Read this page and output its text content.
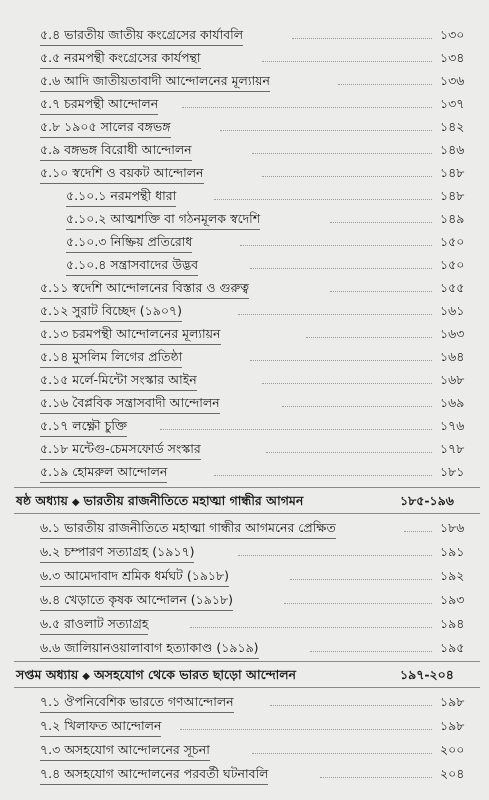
৫.৪ ভারতীয় জাতীয় কংগ্রেসের কার্যাবলি	১৩০
৫.৫ নরমপন্থী কংগ্রেসের কার্যপন্থা	১৩৪
৫.৬ আদি জাতীয়তাবাদী আন্দোলনের মূল্যায়ন	১৩৬
৫.৭ চরমপন্থী আন্দোলন	১৩৭
৫.৮ ১৯০৫ সালের বঙ্গভঙ্গ	১৪২
৫.৯ বঙ্গভঙ্গ বিরোধী আন্দোলন	১৪৬
৫.১০ স্বদেশি ও বয়কট আন্দোলন	১৪৮
৫.১০.১ নরমপন্থী ধারা	১৪৮
৫.১০.২ আত্মশক্তি বা গঠনমূলক স্বদেশি	১৪৯
৫.১০.৩ নিষ্ক্রিয় প্রতিরোধ	১৫০
৫.১০.৪ সন্ত্রাসবাদের উদ্ভব	১৫০
৫.১১ স্বদেশি আন্দোলনের বিস্তার ও গুরুত্ব	১৫৫
৫.১২ সুরাট বিচ্ছেদ (১৯০৭)	১৬১
৫.১৩ চরমপন্থী আন্দোলনের মূল্যায়ন	১৬৩
৫.১৪ মুসলিম লিগের প্রতিষ্ঠা	১৬৪
৫.১৫ মর্লে-মিন্টো সংস্কার আইন	১৬৮
৫.১৬ বৈপ্লবিক সন্ত্রাসবাদী আন্দোলন	১৬৯
৫.১৭ লক্ষ্ণৌ চুক্তি	১৭৬
৫.১৮ মন্টেগু-চেমসফোর্ড সংস্কার	১৭৮
৫.১৯ হোমরুল আন্দোলন	১৮১
ষষ্ঠ অধ্যায় ◆ ভারতীয় রাজনীতিতে মহাত্মা গান্ধীর আগমন	১৮৫-১৯৬
৬.১ ভারতীয় রাজনীতিতে মহাত্মা গান্ধীর আগমনের প্রেক্ষিত	১৮৬
৬.২ চম্পারণ সত্যাগ্রহ (১৯১৭)	১৯১
৬.৩ আমেদাবাদ শ্রমিক ধর্মঘট (১৯১৮)	১৯২
৬.৪ খেড়াতে কৃষক আন্দোলন (১৯১৮)	১৯৩
৬.৫ রাওলাট সত্যাগ্রহ	১৯৪
৬.৬ জালিয়ানওয়ালাবাগ হত্যাকাণ্ড (১৯১৯)	১৯৫
সপ্তম অধ্যায় ◆ অসহযোগ থেকে ভারত ছাড়ো আন্দোলন	১৯৭-২০৪
৭.১ ঔপনিবেশিক ভারতে গণআন্দোলন	১৯৮
৭.২ খিলাফত আন্দোলন	১৯৮
৭.৩ অসহযোগ আন্দোলনের সূচনা	২০০
৭.৪ অসহযোগ আন্দোলনের পরবর্তী ঘটনাবলি	২০৪
